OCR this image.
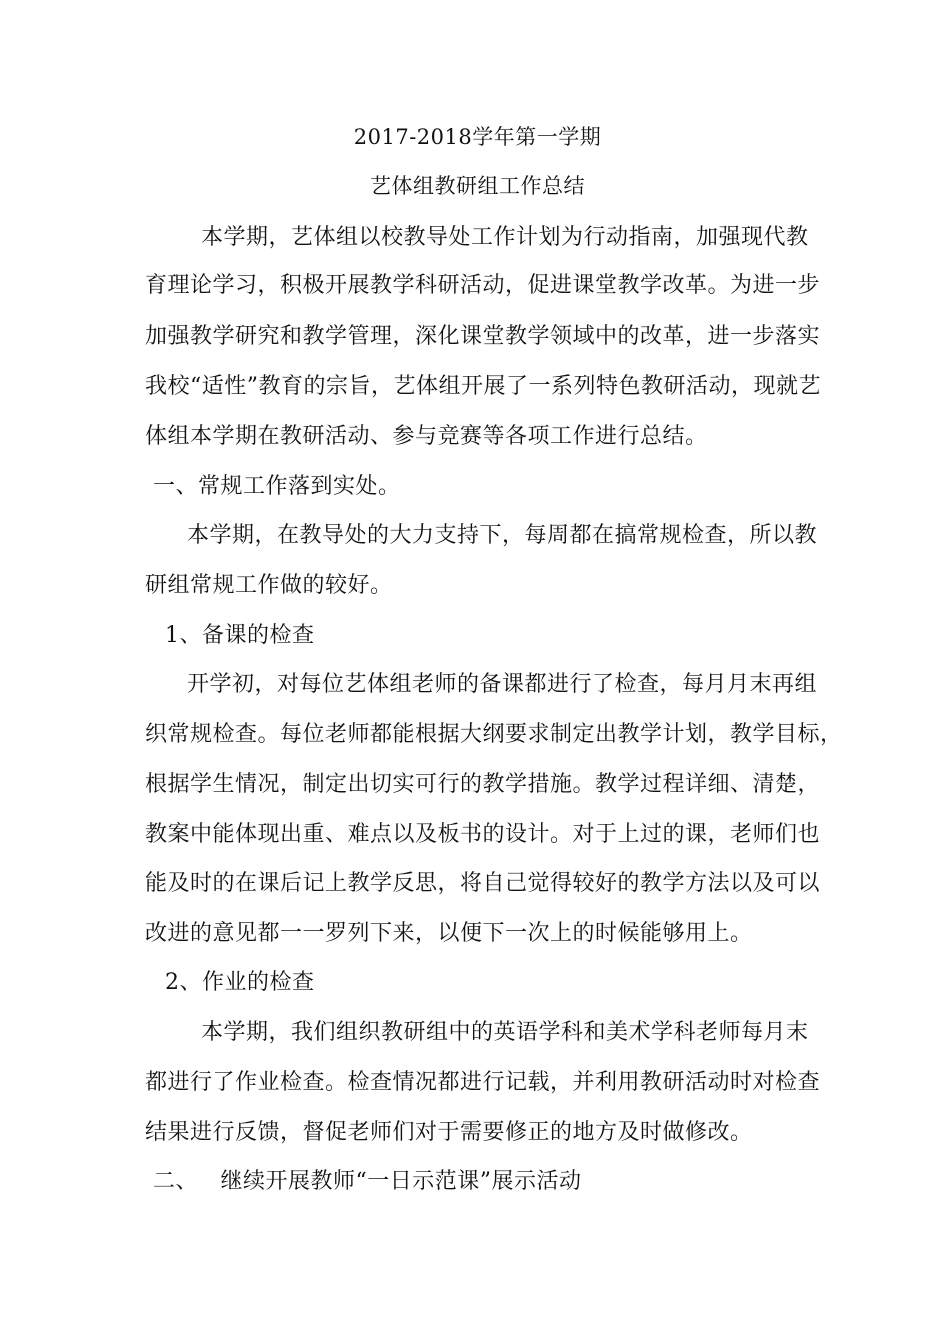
2017-2018学年第一学期
艺体组教研组工作总结
本学期，艺体组以校教导处工作计划为行动指南，加强现代教
育理论学习，积极开展教学科研活动，促进课堂教学改革。为进一步
加强教学研究和教学管理，深化课堂教学领域中的改革，进一步落实
我校“适性”教育的宗旨，艺体组开展了一系列特色教研活动，现就艺
体组本学期在教研活动、参与竞赛等各项工作进行总结。
一、常规工作落到实处。
本学期，在教导处的大力支持下，每周都在搞常规检查，所以教
研组常规工作做的较好。
1、备课的检查
开学初，对每位艺体组老师的备课都进行了检查，每月月末再组
织常规检查。每位老师都能根据大纲要求制定出教学计划，教学目标，
根据学生情况，制定出切实可行的教学措施。教学过程详细、清楚，
教案中能体现出重、难点以及板书的设计。对于上过的课，老师们也
能及时的在课后记上教学反思，将自己觉得较好的教学方法以及可以
改进的意见都一一罗列下来，以便下一次上的时候能够用上。
2、作业的检查
本学期，我们组织教研组中的英语学科和美术学科老师每月末
都进行了作业检查。检查情况都进行记载，并利用教研活动时对检查
结果进行反馈，督促老师们对于需要修正的地方及时做修改。
二、   继续开展教师“一日示范课”展示活动
